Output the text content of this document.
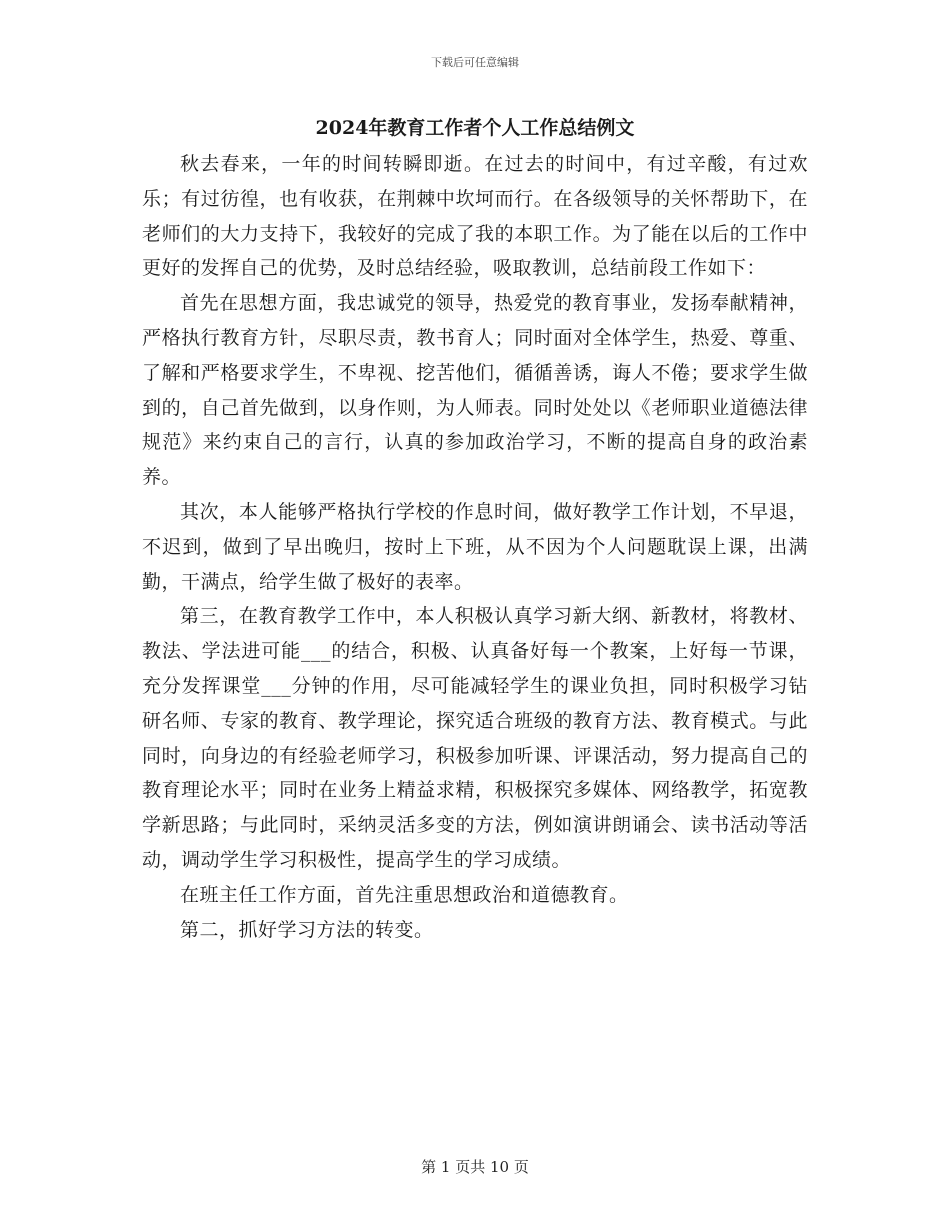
下载后可任意编辑
2024年教育工作者个人工作总结例文

秋去春来，一年的时间转瞬即逝。在过去的时间中，有过辛酸，有过欢乐；有过彷徨，也有收获，在荆棘中坎坷而行。在各级领导的关怀帮助下，在老师们的大力支持下，我较好的完成了我的本职工作。为了能在以后的工作中更好的发挥自己的优势，及时总结经验，吸取教训，总结前段工作如下：

首先在思想方面，我忠诚党的领导，热爱党的教育事业，发扬奉献精神，严格执行教育方针，尽职尽责，教书育人；同时面对全体学生，热爱、尊重、了解和严格要求学生，不卑视、挖苦他们，循循善诱，诲人不倦；要求学生做到的，自己首先做到，以身作则，为人师表。同时处处以《老师职业道德法律规范》来约束自己的言行，认真的参加政治学习，不断的提高自身的政治素养。

其次，本人能够严格执行学校的作息时间，做好教学工作计划，不早退，不迟到，做到了早出晚归，按时上下班，从不因为个人问题耽误上课，出满勤，干满点，给学生做了极好的表率。

第三，在教育教学工作中，本人积极认真学习新大纲、新教材，将教材、教法、学法进可能___的结合，积极、认真备好每一个教案，上好每一节课，充分发挥课堂___分钟的作用，尽可能减轻学生的课业负担，同时积极学习钻研名师、专家的教育、教学理论，探究适合班级的教育方法、教育模式。与此同时，向身边的有经验老师学习，积极参加听课、评课活动，努力提高自己的教育理论水平；同时在业务上精益求精，积极探究多媒体、网络教学，拓宽教学新思路；与此同时，采纳灵活多变的方法，例如演讲朗诵会、读书活动等活动，调动学生学习积极性，提高学生的学习成绩。

在班主任工作方面，首先注重思想政治和道德教育。

第二，抓好学习方法的转变。

第 1 页共 10 页
